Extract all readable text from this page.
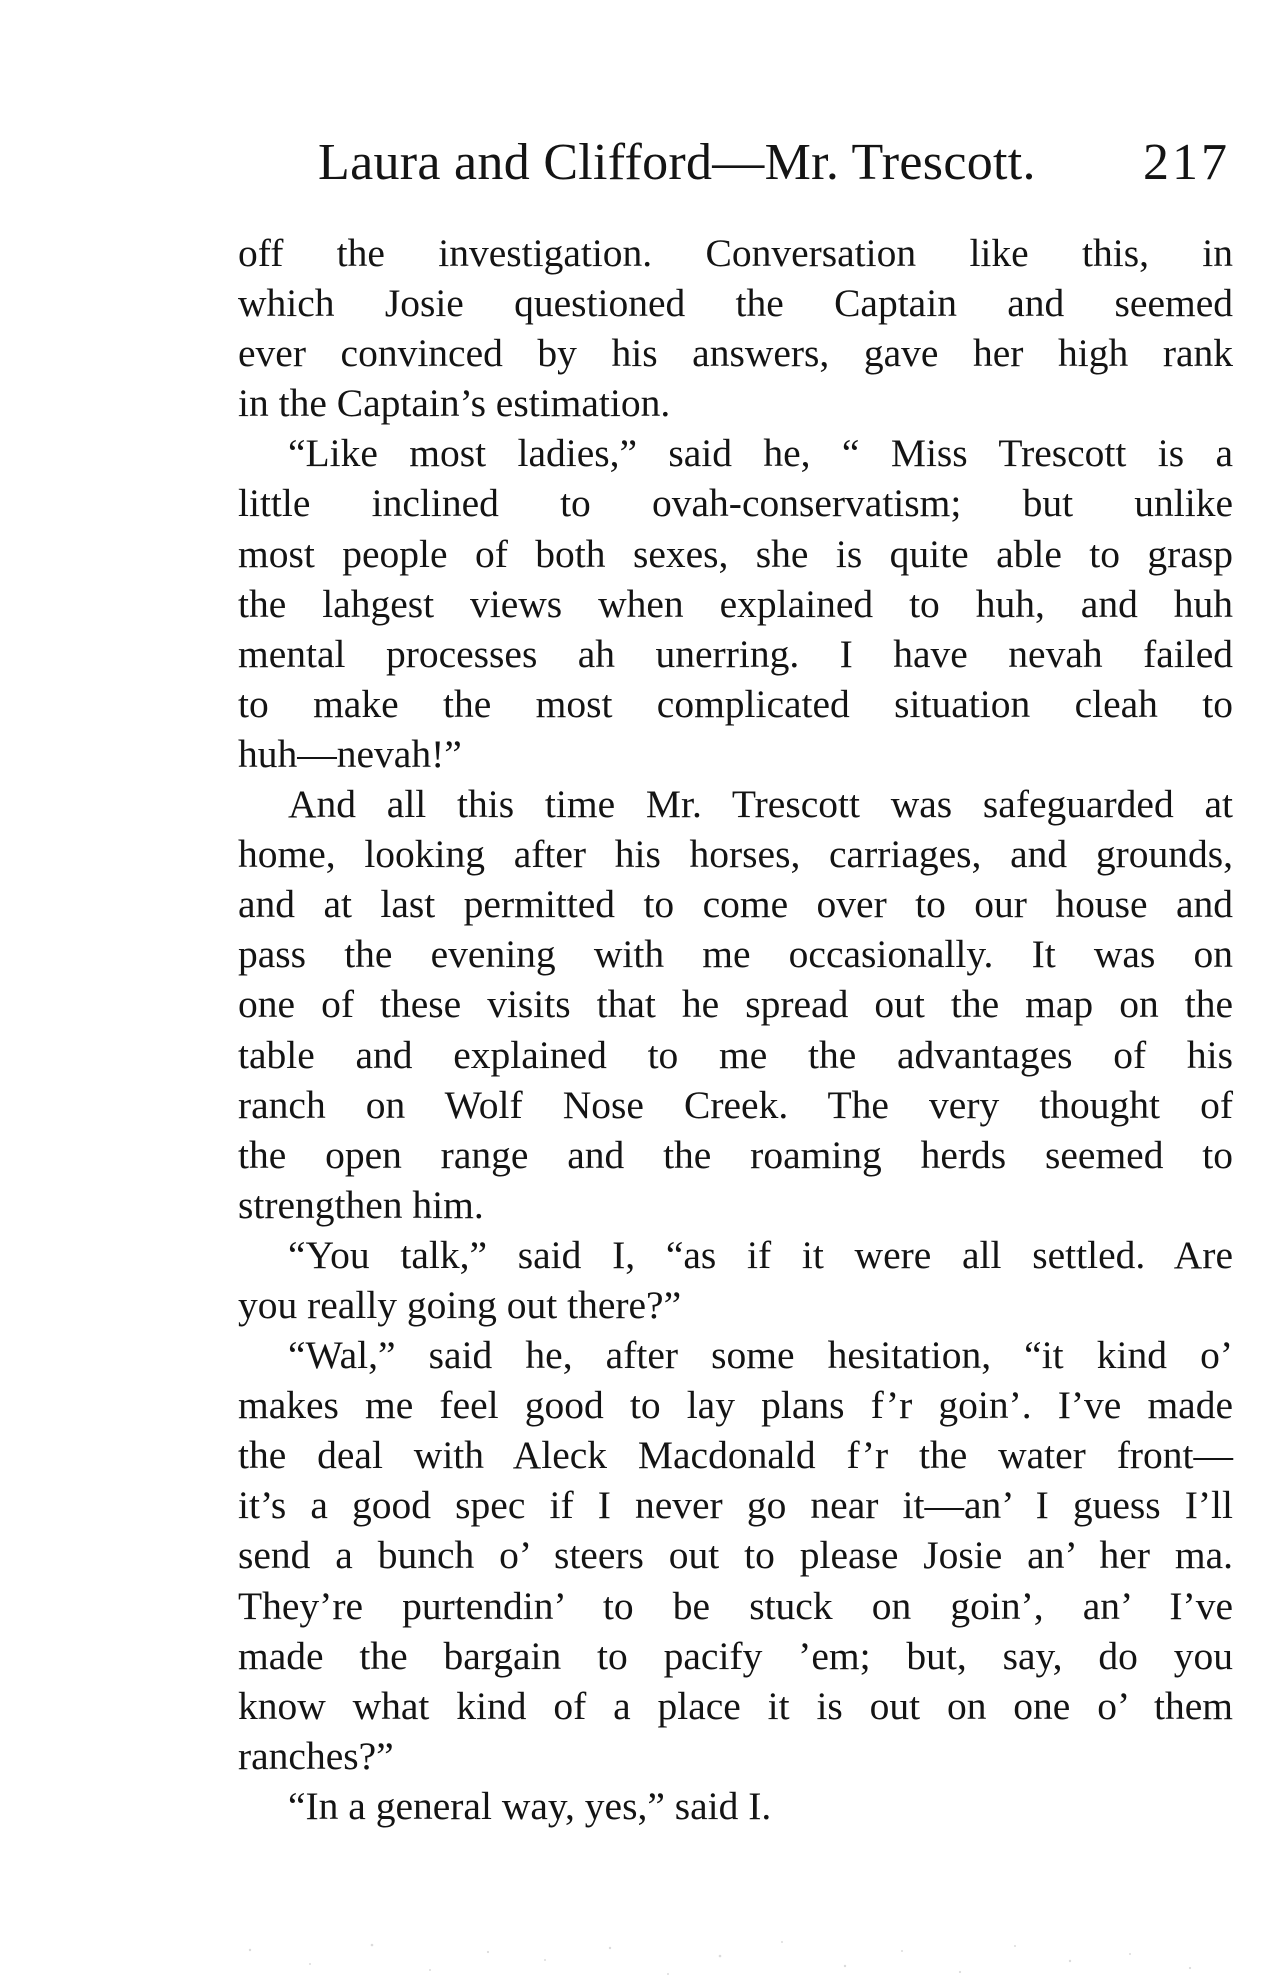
Laura and Clifford—Mr. Trescott. 217
off the investigation. Conversation like this, in
which Josie questioned the Captain and seemed
ever convinced by his answers, gave her high rank
in the Captain’s estimation.
“Like most ladies,” said he, “ Miss Trescott is a
little inclined to ovah-conservatism; but unlike
most people of both sexes, she is quite able to grasp
the lahgest views when explained to huh, and huh
mental processes ah unerring. I have nevah failed
to make the most complicated situation cleah to
huh—nevah!”
And all this time Mr. Trescott was safeguarded at
home, looking after his horses, carriages, and grounds,
and at last permitted to come over to our house and
pass the evening with me occasionally. It was on
one of these visits that he spread out the map on the
table and explained to me the advantages of his
ranch on Wolf Nose Creek. The very thought of
the open range and the roaming herds seemed to
strengthen him.
“You talk,” said I, “as if it were all settled. Are
you really going out there?”
“Wal,” said he, after some hesitation, “it kind o’
makes me feel good to lay plans f’r goin’. I’ve made
the deal with Aleck Macdonald f’r the water front—
it’s a good spec if I never go near it—an’ I guess I’ll
send a bunch o’ steers out to please Josie an’ her ma.
They’re purtendin’ to be stuck on goin’, an’ I’ve
made the bargain to pacify ’em; but, say, do you
know what kind of a place it is out on one o’ them
ranches?”
“In a general way, yes,” said I.
